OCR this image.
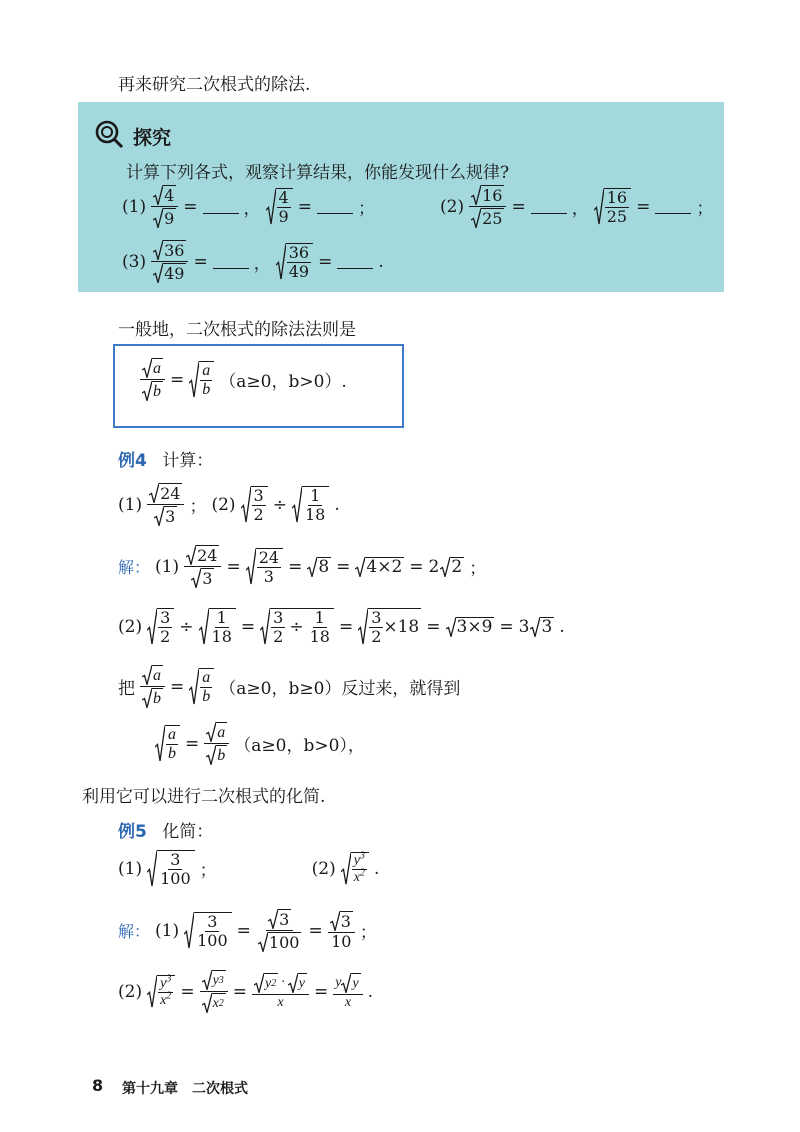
再来研究二次根式的除法.
探究
计算下列各式，观察计算结果，你能发现什么规律?
$(1) \frac{4}{9}$ =	， $\frac{4}{9}$ =	；	$(2) \frac{16}{25}$ =	， $\frac{16}{25}$ =	；
$(3) \frac{36}{49}$ =	， $\frac{36}{49}$ =	.
一般地，二次根式的除法法则是
$\frac{a}{b} = \frac{a}{b} (a\ge 0$，b>0）.
例4 计算：
$(1) \frac{24}{3}$ ； $(2) \frac{3}{2} \div \frac{1}{18}$ .
解： $(1) \frac{24}{3} = \frac{24}{3} = 8 = 4\times 2 = 2$ 2 ；
$(2) \frac{3}{2} \div \frac{1}{18} = \frac{3}{2} \div \frac{1}{18} = \frac{3}{2} \times 18 = 3\times 9 = 3$ 3 .
把 $\frac{a}{b} = \frac{a}{b} (a\ge 0$，b≥0）反过来，就得到
$\frac{a}{b} = \frac{a}{b} (a\ge 0$，b>0），
利用它可以进行二次根式的化简.
例5 化简：
$(1) \frac{3}{100}$ ；	$(2) \frac{y^3}{x^2}$ .
解： $(1) \frac{3}{100} = \frac{3}{100} = \frac{3}{10}$ ；
$(2) \frac{y^3}{x^2} = \frac{y 3}{x 2} = \frac{y 2 \cdot y}{x} = \frac{\text{y y}}{x}$ .
8 第十九章　二次根式
